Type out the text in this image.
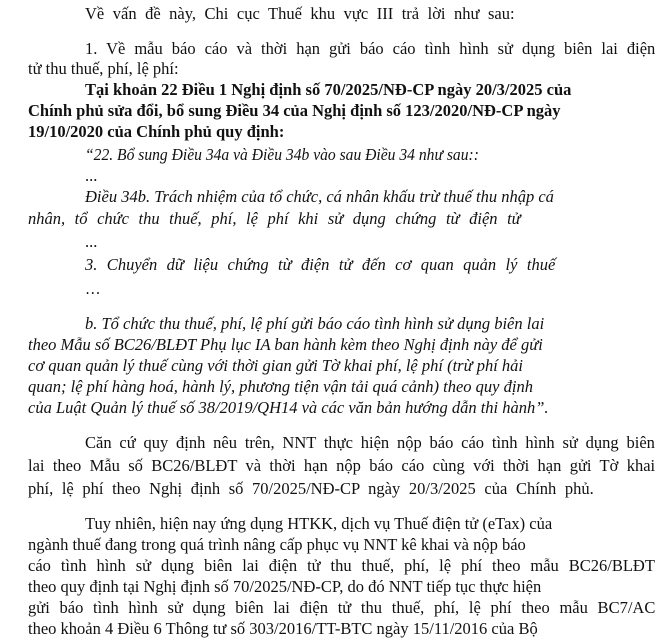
Về vấn đề này, Chi cục Thuế khu vực III trả lời như sau:
1. Về mẫu báo cáo và thời hạn gửi báo cáo tình hình sử dụng biên lai điện
tử thu thuế, phí, lệ phí:
Tại khoản 22 Điều 1 Nghị định số 70/2025/NĐ-CP ngày 20/3/2025 của
Chính phủ sửa đổi, bổ sung Điều 34 của Nghị định số 123/2020/NĐ-CP ngày
19/10/2020 của Chính phủ quy định:
“22. Bổ sung Điều 34a và Điều 34b vào sau Điều 34 như sau::
...
Điều 34b. Trách nhiệm của tổ chức, cá nhân khấu trừ thuế thu nhập cá
nhân, tổ chức thu thuế, phí, lệ phí khi sử dụng chứng từ điện tử
...
3. Chuyển dữ liệu chứng từ điện tử đến cơ quan quản lý thuế
…
b. Tổ chức thu thuế, phí, lệ phí gửi báo cáo tình hình sử dụng biên lai
theo Mẫu số BC26/BLĐT Phụ lục IA ban hành kèm theo Nghị định này để gửi
cơ quan quản lý thuế cùng với thời gian gửi Tờ khai phí, lệ phí (trừ phí hải
quan; lệ phí hàng hoá, hành lý, phương tiện vận tải quá cảnh) theo quy định
của Luật Quản lý thuế số 38/2019/QH14 và các văn bản hướng dẫn thi hành”.
Căn cứ quy định nêu trên, NNT thực hiện nộp báo cáo tình hình sử dụng biên
lai theo Mẫu số BC26/BLĐT và thời hạn nộp báo cáo cùng với thời hạn gửi Tờ khai
phí, lệ phí theo Nghị định số 70/2025/NĐ-CP ngày 20/3/2025 của Chính phủ.
Tuy nhiên, hiện nay ứng dụng HTKK, dịch vụ Thuế điện tử (eTax) của
ngành thuế đang trong quá trình nâng cấp phục vụ NNT kê khai và nộp báo
cáo tình hình sử dụng biên lai điện tử thu thuế, phí, lệ phí theo mẫu BC26/BLĐT
theo quy định tại Nghị định số 70/2025/NĐ-CP, do đó NNT tiếp tục thực hiện
gửi báo tình hình sử dụng biên lai điện tử thu thuế, phí, lệ phí theo mẫu BC7/AC
theo khoản 4 Điều 6 Thông tư số 303/2016/TT-BTC ngày 15/11/2016 của Bộ
